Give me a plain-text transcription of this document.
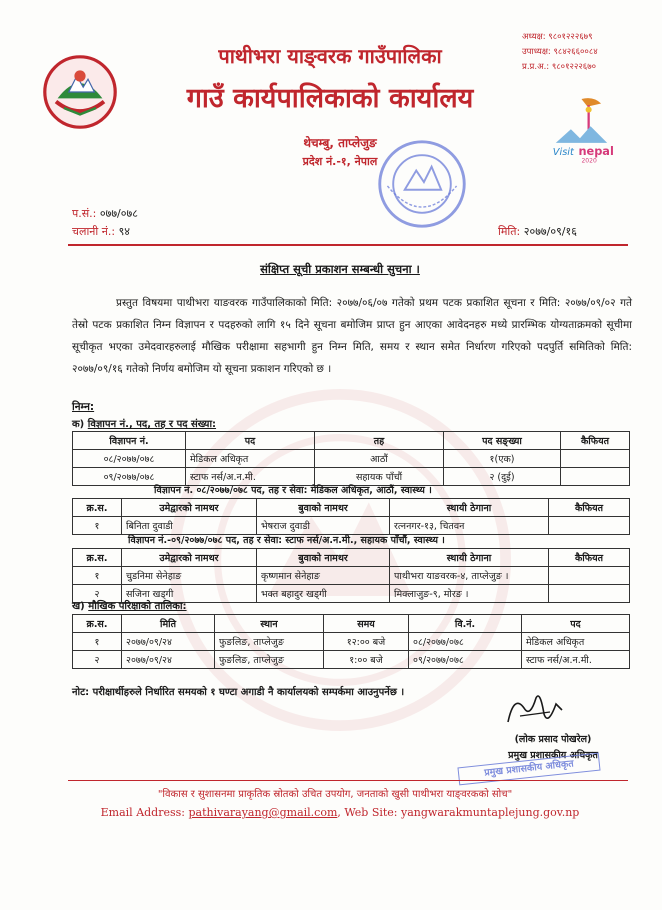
पाथीभरा याङ्वरक गाउँपालिका
गाउँ कार्यपालिकाको कार्यालय
थेचम्बु, ताप्लेजुङ
प्रदेश नं.-१, नेपाल
अध्यक्ष: ९८०१२२२६७९
उपाध्यक्ष: ९८४२६६००८४
प्र.प्र.अ.: ९८०१२२२६७०
Visit nepal
2020
प.सं.: ०७७/०७८
चलानी नं.: ९४	मिति: २०७७/०९/१६
संक्षिप्त सूची प्रकाशन सम्बन्धी सुचना ।
प्रस्तुत विषयमा पाथीभरा याङवरक गाउँपालिकाको मिति: २०७७/०६/०७ गतेको प्रथम पटक प्रकाशित सूचना र मिति: २०७७/०९/०२ गते तेस्रो पटक प्रकाशित निम्न विज्ञापन र पदहरुको लागि १५ दिने सूचना बमोजिम प्राप्त हुन आएका आवेदनहरु मध्ये प्रारम्भिक योग्यताक्रमको सूचीमा सूचीकृत भएका उमेदवारहरुलाई मौखिक परीक्षामा सहभागी हुन निम्न मिति, समय र स्थान समेत निर्धारण गरिएको पदपुर्ति समितिको मिति: २०७७/०९/१६ गतेको निर्णय बमोजिम यो सूचना प्रकाशन गरिएको छ ।
निम्न:
क) विज्ञापन नं., पद, तह र पद संख्या:
विज्ञापन नं.	पद	तह	पद सङ्ख्या	कैफियत
०८/२०७७/०७८	मेडिकल अधिकृत	आठौं	१(एक)	
०९/२०७७/०७८	स्टाफ नर्स/अ.न.मी.	सहायक पाँचौं	२ (दुई)	
विज्ञापन नं. ०८/२०७७/०७८ पद, तह र सेवा: मेडिकल अधिकृत, आठौं, स्वास्थ्य ।
क्र.स.	उमेद्वारको नामथर	बुवाको नामथर	स्थायी ठेगाना	कैफियत
१	बिनिता दुवाडी	भेषराज दुवाडी	रत्ननगर-१३, चितवन	
विज्ञापन नं.-०९/२०७७/०७८ पद, तह र सेवा: स्टाफ नर्स/अ.न.मी., सहायक पाँचौं, स्वास्थ्य ।
क्र.स.	उमेद्वारको नामथर	बुवाको नामथर	स्थायी ठेगाना	कैफियत
१	चुडनिमा सेनेहाङ	कृष्णमान सेनेहाङ	पाथीभरा याङवरक-४, ताप्लेजुङ ।	
२	सजिना खड्गी	भक्त बहादुर खड्गी	मिक्लाजुङ-९, मोरङ ।	
ख) मौखिक परिक्षाको तालिका:
क्र.स.	मिति	स्थान	समय	वि.नं.	पद
१	२०७७/०९/२४	फुङलिङ, ताप्लेजुङ	१२:०० बजे	०८/२०७७/०७८	मेडिकल अधिकृत
२	२०७७/०९/२४	फुङलिङ, ताप्लेजुङ	१:०० बजे	०९/२०७७/०७८	स्टाफ नर्स/अ.न.मी.
नोट: परीक्षार्थीहरुले निर्धारित समयको १ घण्टा अगाडी नै कार्यालयको सम्पर्कमा आउनुपर्नेछ ।
(लोक प्रसाद पोखरेल)
प्रमुख प्रशासकीय अधिकृत
प्रमुख प्रशासकीय अधिकृत
"विकास र सुशासनमा प्राकृतिक स्रोतको उचित उपयोग, जनताको खुसी पाथीभरा याङ्वरकको सोच"
Email Address: pathivarayang@gmail.com, Web Site: yangwarakmuntaplejung.gov.np
